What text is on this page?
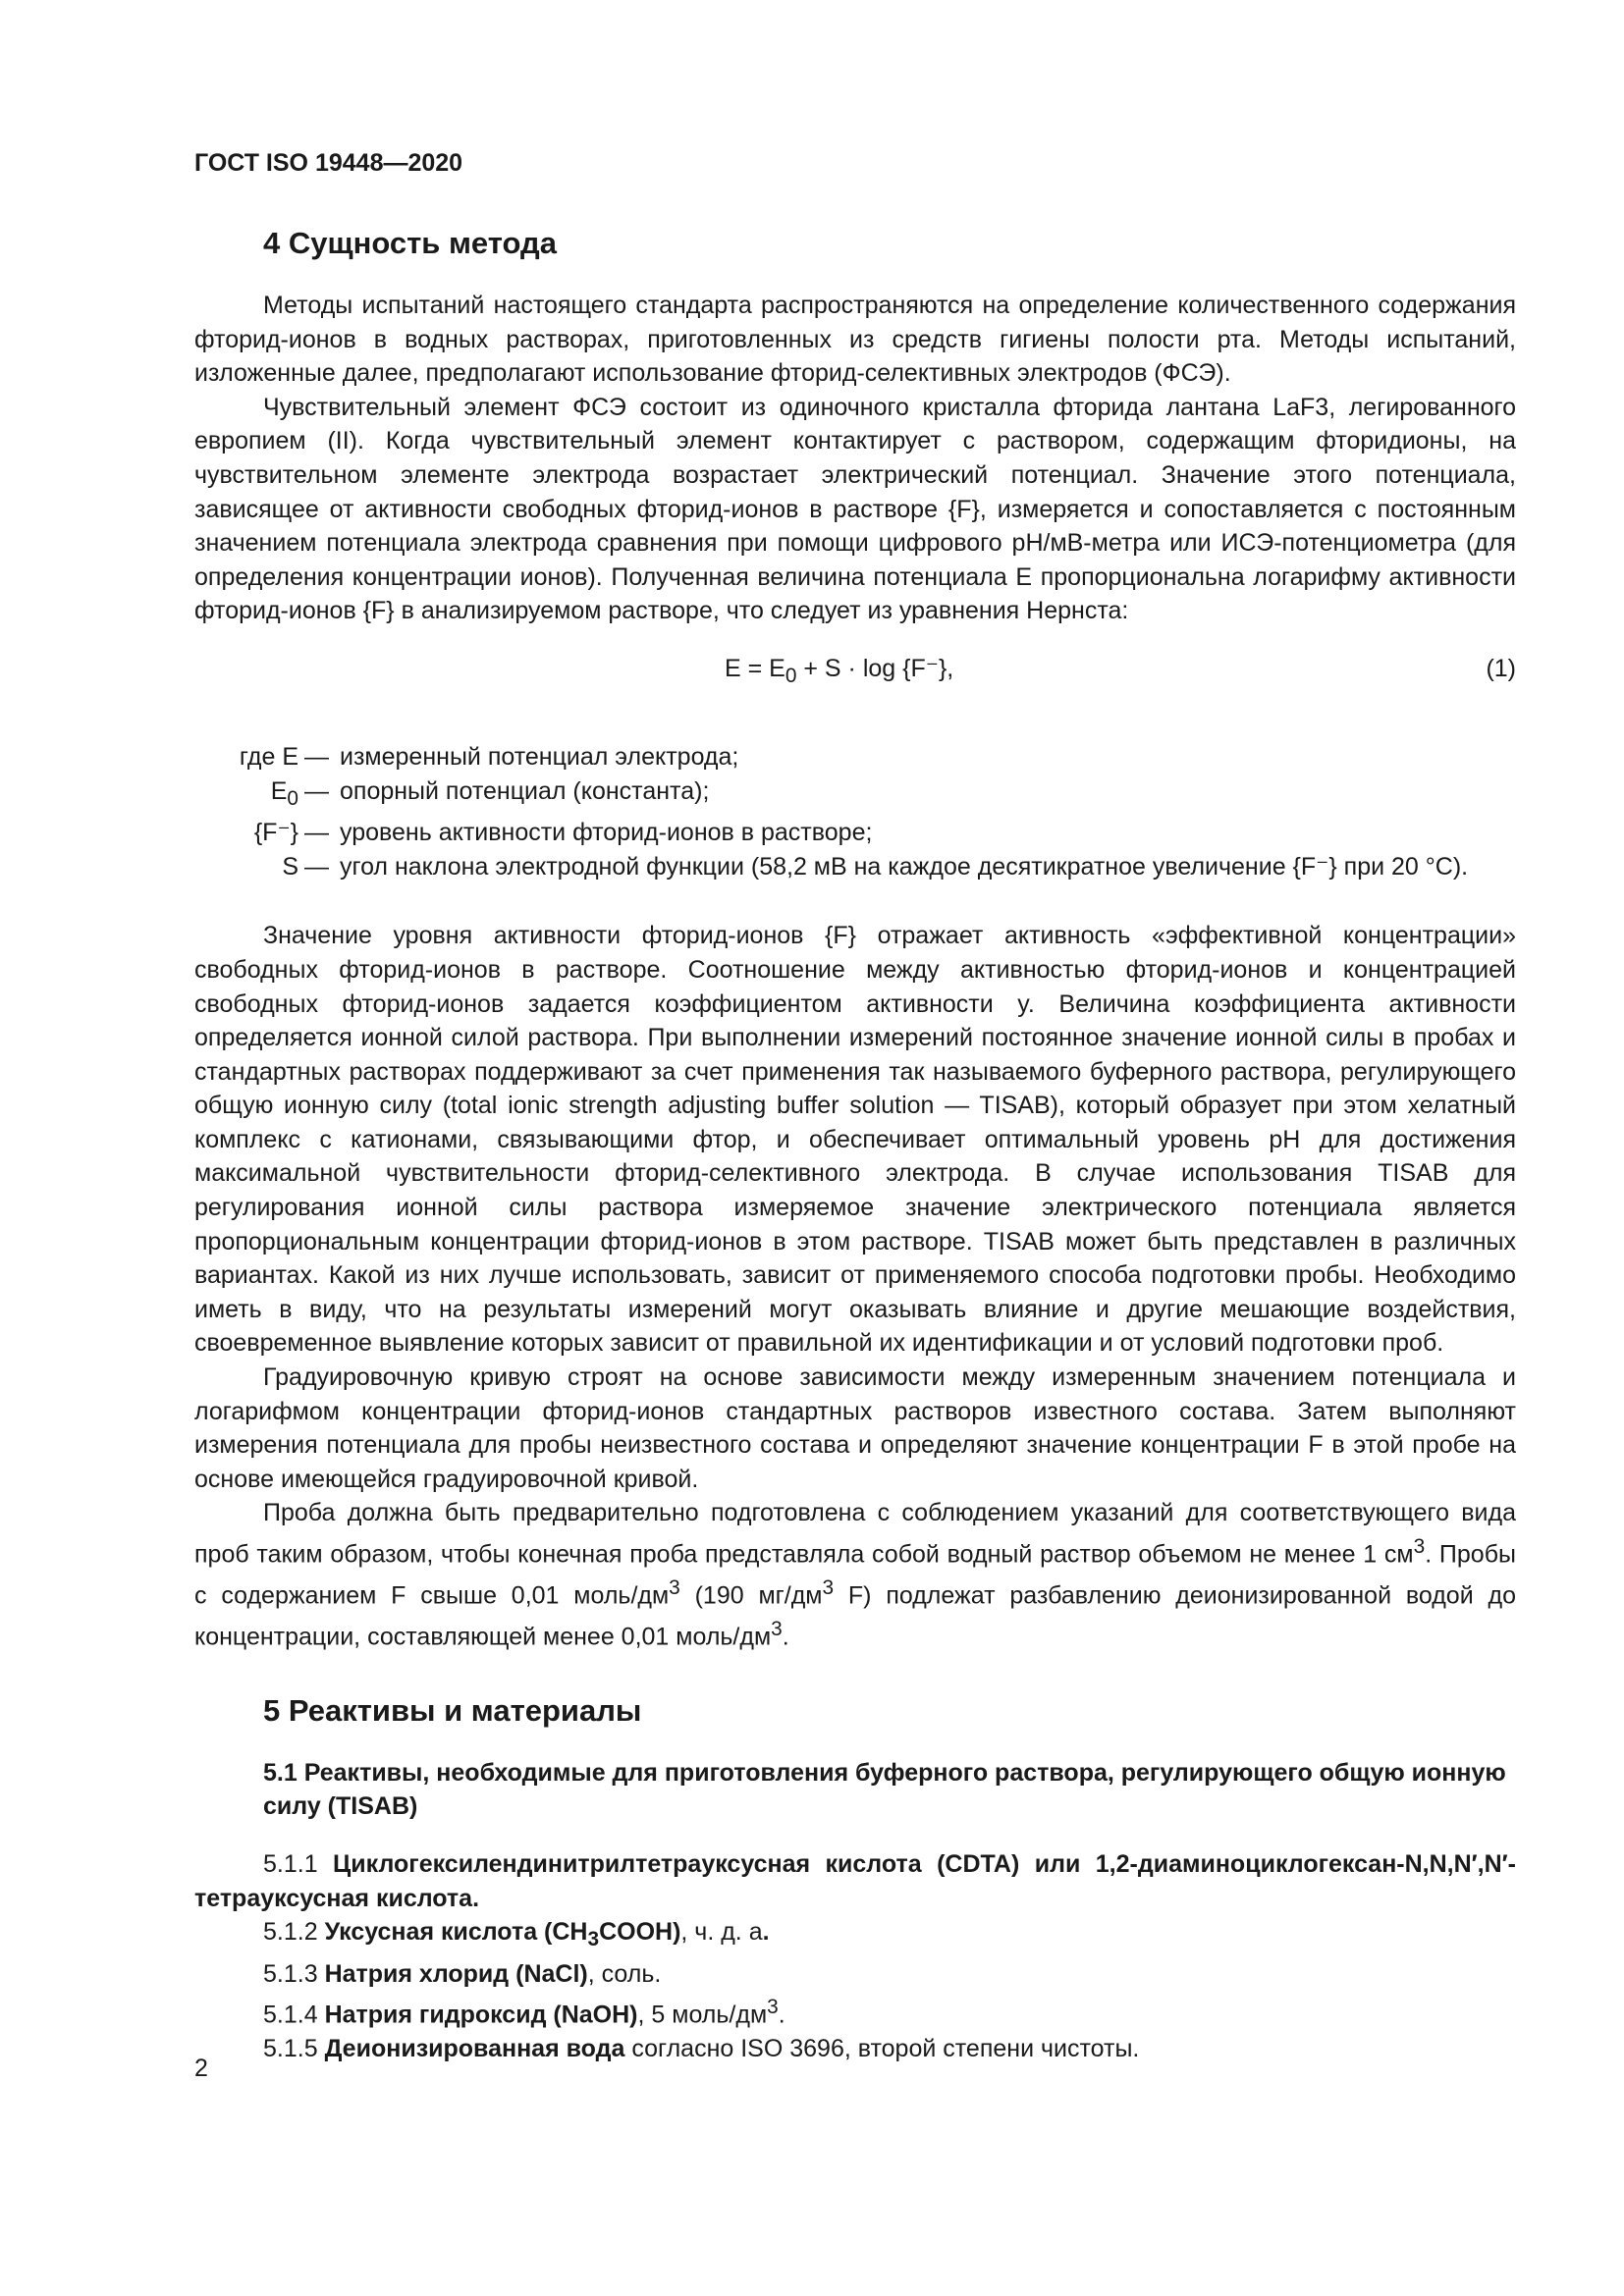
ГОСТ ISO 19448—2020
4 Сущность метода

Методы испытаний настоящего стандарта распространяются на определение количественного содержания фторид-ионов в водных растворах, приготовленных из средств гигиены полости рта. Методы испытаний, изложенные далее, предполагают использование фторид-селективных электродов (ФСЭ).

Чувствительный элемент ФСЭ состоит из одиночного кристалла фторида лантана LaF3, легированного европием (II). Когда чувствительный элемент контактирует с раствором, содержащим фторидионы, на чувствительном элементе электрода возрастает электрический потенциал. Значение этого потенциала, зависящее от активности свободных фторид-ионов в растворе {F}, измеряется и сопоставляется с постоянным значением потенциала электрода сравнения при помощи цифрового pH/мВ-метра или ИСЭ-потенциометра (для определения концентрации ионов). Полученная величина потенциала E пропорциональна логарифму активности фторид-ионов {F} в анализируемом растворе, что следует из уравнения Нернста:

$E = E_0 + S \cdot \log \{F^-\}$,	(1)
где E — измеренный потенциал электрода;
$E_0$ — опорный потенциал (константа);
{F⁻} — уровень активности фторид-ионов в растворе;
S — угол наклона электродной функции (58,2 мВ на каждое десятикратное увеличение {F⁻} при 20 °C).

Значение уровня активности фторид-ионов {F} отражает активность «эффективной концентрации» свободных фторид-ионов в растворе. Соотношение между активностью фторид-ионов и концентрацией свободных фторид-ионов задается коэффициентом активности y. Величина коэффициента активности определяется ионной силой раствора. При выполнении измерений постоянное значение ионной силы в пробах и стандартных растворах поддерживают за счет применения так называемого буферного раствора, регулирующего общую ионную силу (total ionic strength adjusting buffer solution — TISAB), который образует при этом хелатный комплекс с катионами, связывающими фтор, и обеспечивает оптимальный уровень pH для достижения максимальной чувствительности фторид-селективного электрода. В случае использования TISAB для регулирования ионной силы раствора измеряемое значение электрического потенциала является пропорциональным концентрации фторид-ионов в этом растворе. TISAB может быть представлен в различных вариантах. Какой из них лучше использовать, зависит от применяемого способа подготовки пробы. Необходимо иметь в виду, что на результаты измерений могут оказывать влияние и другие мешающие воздействия, своевременное выявление которых зависит от правильной их идентификации и от условий подготовки проб.

Градуировочную кривую строят на основе зависимости между измеренным значением потенциала и логарифмом концентрации фторид-ионов стандартных растворов известного состава. Затем выполняют измерения потенциала для пробы неизвестного состава и определяют значение концентрации F в этой пробе на основе имеющейся градуировочной кривой.

Проба должна быть предварительно подготовлена с соблюдением указаний для соответствующего вида проб таким образом, чтобы конечная проба представляла собой водный раствор объемом не менее 1 $см^3$. Пробы с содержанием F свыше 0,01 моль/$дм^3$ (190 $мг/дм^3$ F) подлежат разбавлению деионизированной водой до концентрации, составляющей менее 0,01 моль/$дм^3$.

5 Реактивы и материалы
5.1 Реактивы, необходимые для приготовления буферного раствора, регулирующего общую ионную силу (TISAB)

5.1.1 Циклогексилендинитрилтетрауксусная кислота (CDTA) или 1,2-диаминоциклогексан-N,N,N′,N′-тетрауксусная кислота.

5.1.2 Уксусная кислота $(CH_3COOH)$, ч. д. а.

5.1.3 Натрия хлорид (NaCl), соль.

5.1.4 Натрия гидроксид (NaOH), 5 моль/$дм^3$.

5.1.5 Деионизированная вода согласно ISO 3696, второй степени чистоты.

2
